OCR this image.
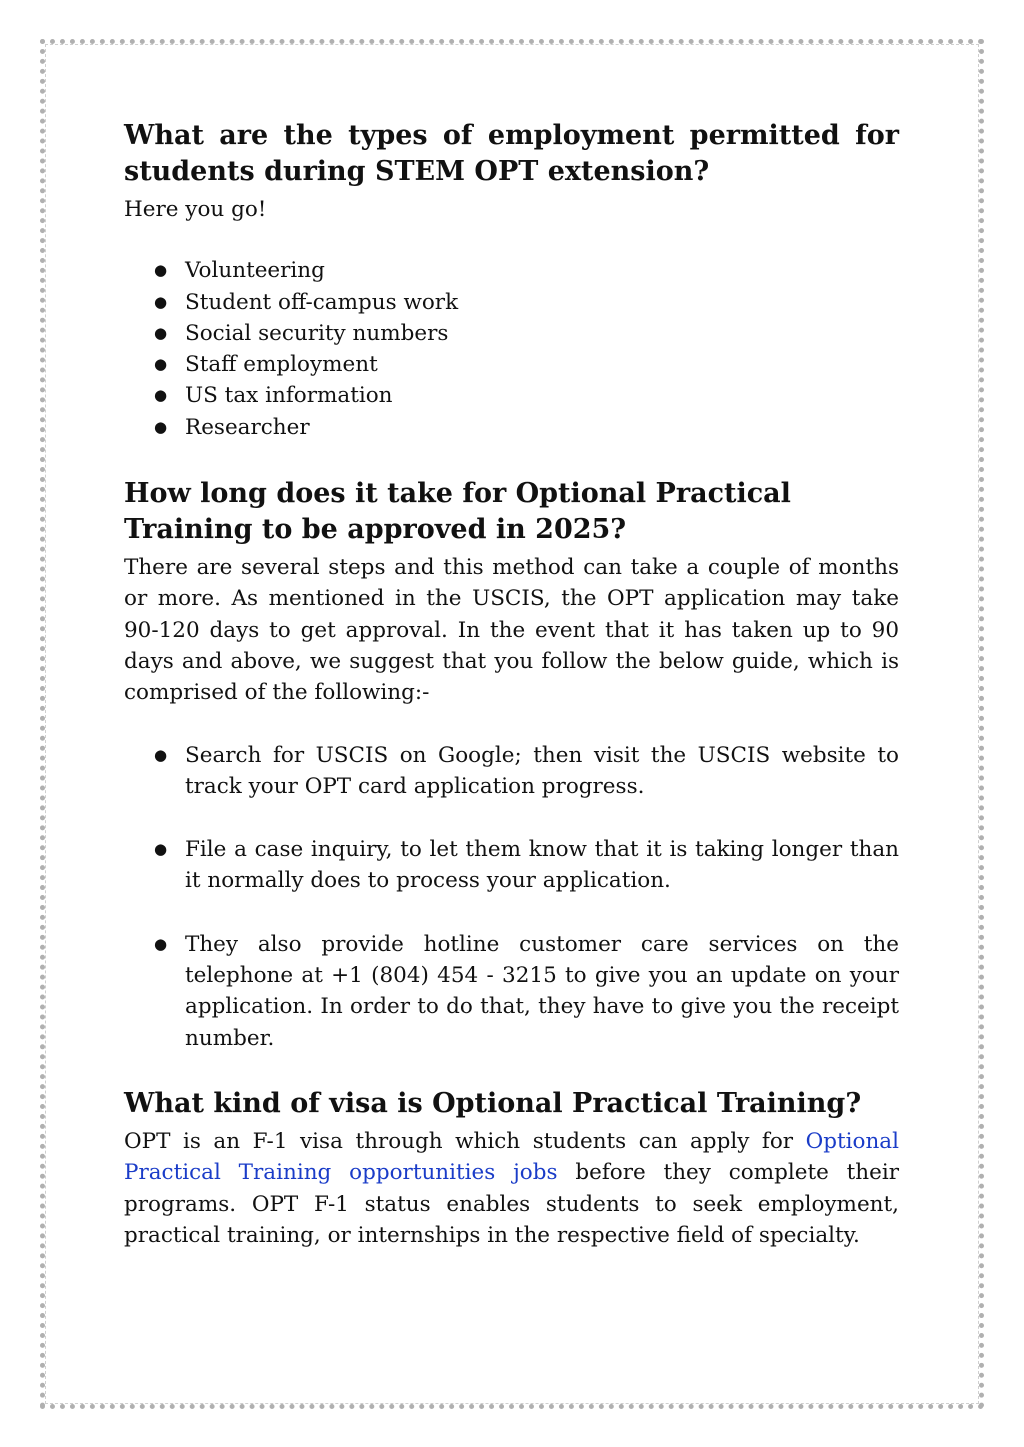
What are the types of employment permitted for students during STEM OPT extension?

Here you go!

● Volunteering
● Student off-campus work
● Social security numbers
● Staff employment
● US tax information
● Researcher
How long does it take for Optional Practical Training to be approved in 2025?

There are several steps and this method can take a couple of months or more. As mentioned in the USCIS, the OPT application may take 90-120 days to get approval. In the event that it has taken up to 90 days and above, we suggest that you follow the below guide, which is comprised of the following:-

● Search for USCIS on Google; then visit the USCIS website to track your OPT card application progress.
● File a case inquiry, to let them know that it is taking longer than it normally does to process your application.
● They also provide hotline customer care services on the telephone at +1 (804) 454 - 3215 to give you an update on your application. In order to do that, they have to give you the receipt number.
What kind of visa is Optional Practical Training?

OPT is an F-1 visa through which students can apply for Optional Practical Training opportunities jobs before they complete their programs. OPT F-1 status enables students to seek employment, practical training, or internships in the respective field of specialty.
